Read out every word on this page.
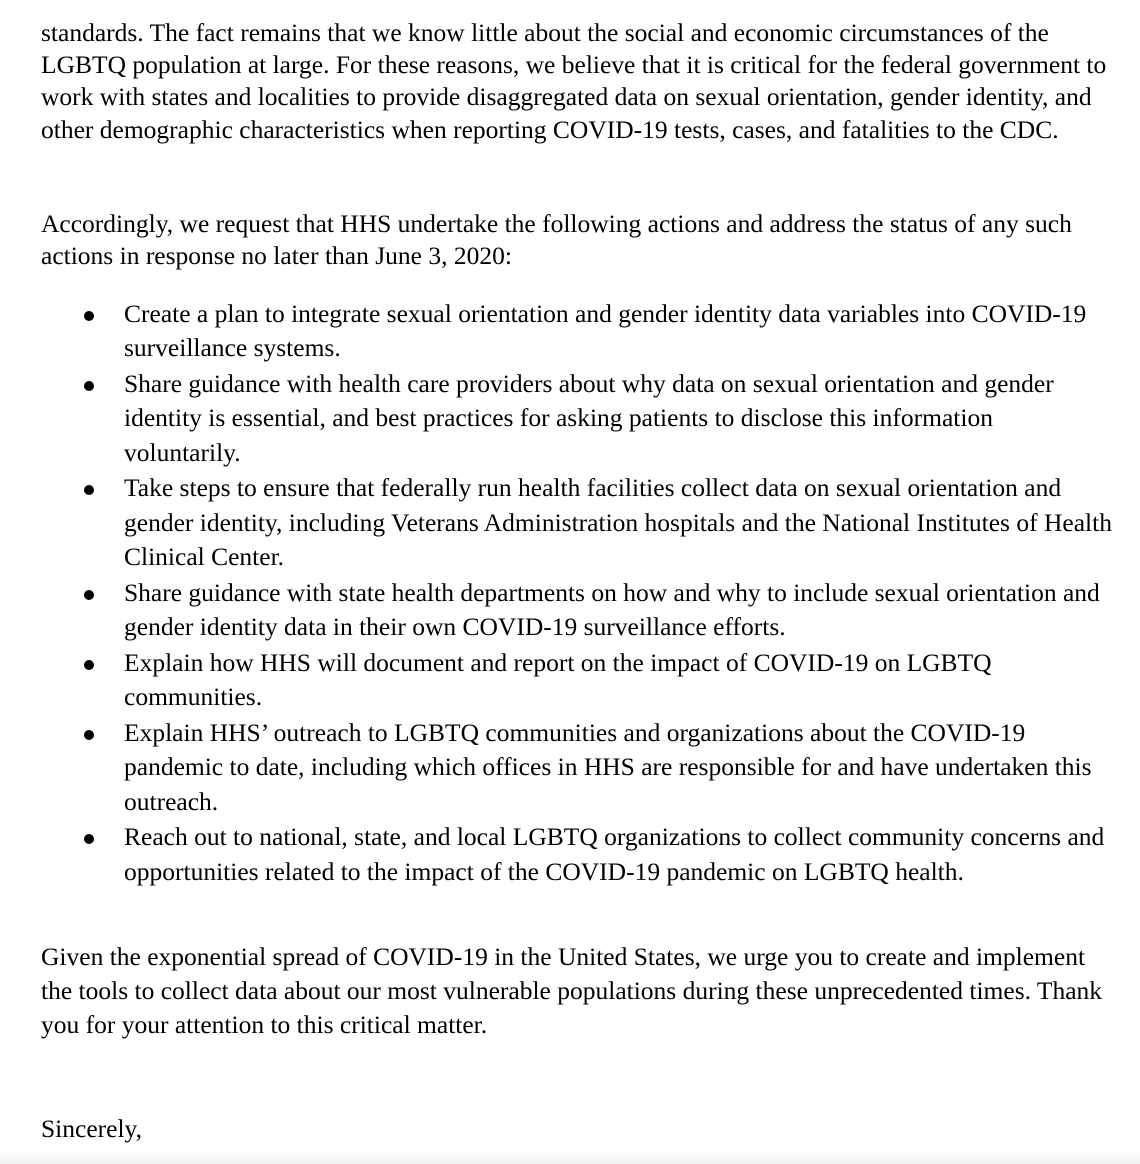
standards. The fact remains that we know little about the social and economic circumstances of the LGBTQ population at large. For these reasons, we believe that it is critical for the federal government to work with states and localities to provide disaggregated data on sexual orientation, gender identity, and other demographic characteristics when reporting COVID-19 tests, cases, and fatalities to the CDC.

Accordingly, we request that HHS undertake the following actions and address the status of any such actions in response no later than June 3, 2020:

Create a plan to integrate sexual orientation and gender identity data variables into COVID-19 surveillance systems.
Share guidance with health care providers about why data on sexual orientation and gender identity is essential, and best practices for asking patients to disclose this information voluntarily.
Take steps to ensure that federally run health facilities collect data on sexual orientation and gender identity, including Veterans Administration hospitals and the National Institutes of Health Clinical Center.
Share guidance with state health departments on how and why to include sexual orientation and gender identity data in their own COVID-19 surveillance efforts.
Explain how HHS will document and report on the impact of COVID-19 on LGBTQ communities.
Explain HHS’ outreach to LGBTQ communities and organizations about the COVID-19 pandemic to date, including which offices in HHS are responsible for and have undertaken this outreach.
Reach out to national, state, and local LGBTQ organizations to collect community concerns and opportunities related to the impact of the COVID-19 pandemic on LGBTQ health.

Given the exponential spread of COVID-19 in the United States, we urge you to create and implement the tools to collect data about our most vulnerable populations during these unprecedented times. Thank you for your attention to this critical matter.

Sincerely,
